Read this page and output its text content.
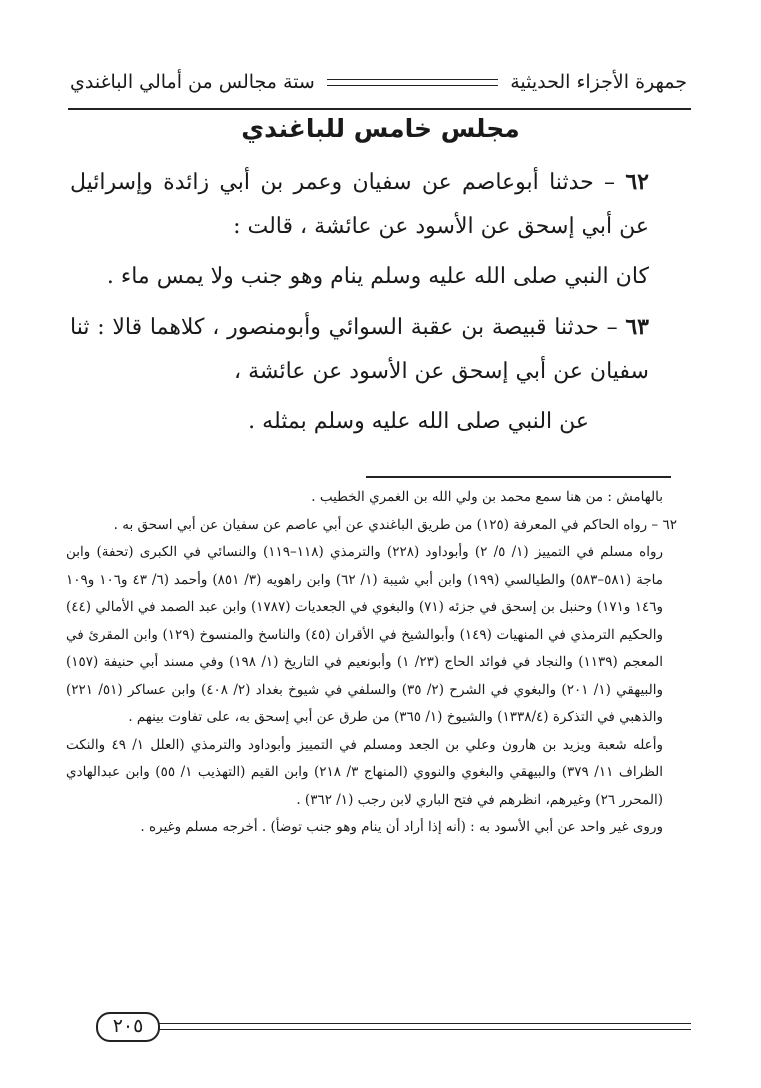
جمهرة الأجزاء الحديثية
ستة مجالس من أمالي الباغندي
مجلس خامس للباغندي

٦٢ – حدثنا أبوعاصم عن سفيان وعمر بن أبي زائدة وإسرائيل عن أبي إسحق عن الأسود عن عائشة ، قالت :

كان النبي صلى الله عليه وسلم ينام وهو جنب ولا يمس ماء .

٦٣ – حدثنا قبيصة بن عقبة السوائي وأبومنصور ، كلاهما قالا : ثنا سفيان عن أبي إسحق عن الأسود عن عائشة ،

عن النبي صلى الله عليه وسلم بمثله .

بالهامش : من هنا سمع محمد بن ولي الله بن الغمري الخطيب .

٦٢ – رواه الحاكم في المعرفة (١٢٥) من طريق الباغندي عن أبي عاصم عن سفيان عن أبي اسحق به .

رواه مسلم في التمييز (١/ ٥/ ٢) وأبوداود (٢٢٨) والترمذي (١١٨–١١٩) والنسائي في الكبرى (تحفة) وابن ماجة (٥٨١–٥٨٣) والطيالسي (١٩٩) وابن أبي شيبة (١/ ٦٢) وابن راهويه (٣/ ٨٥١) وأحمد (٦/ ٤٣ و١٠٦ و١٠٩ و١٤٦ و١٧١) وحنبل بن إسحق في جزئه (٧١) والبغوي في الجعديات (١٧٨٧) وابن عبد الصمد في الأمالي (٤٤) والحكيم الترمذي في المنهيات (١٤٩) وأبوالشيخ في الأقران (٤٥) والناسخ والمنسوخ (١٢٩) وابن المقرئ في المعجم (١١٣٩) والنجاد في فوائد الحاج (٢٣/ ١) وأبونعيم في التاريخ (١/ ١٩٨) وفي مسند أبي حنيفة (١٥٧) والبيهقي (١/ ٢٠١) والبغوي في الشرح (٢/ ٣٥) والسلفي في شيوخ بغداد (٢/ ٤٠٨) وابن عساكر (٥١/ ٢٢١) والذهبي في التذكرة (١٣٣٨/٤) والشيوخ (١/ ٣٦٥) من طرق عن أبي إسحق به، على تفاوت بينهم .

وأعله شعبة ويزيد بن هارون وعلي بن الجعد ومسلم في التمييز وأبوداود والترمذي (العلل ١/ ٤٩ والنكت الظراف ١١/ ٣٧٩) والبيهقي والبغوي والنووي (المنهاج ٣/ ٢١٨) وابن القيم (التهذيب ١/ ٥٥) وابن عبدالهادي (المحرر ٢٦) وغيرهم، انظرهم في فتح الباري لابن رجب (١/ ٣٦٢) .

وروى غير واحد عن أبي الأسود به : (أنه إذا أراد أن ينام وهو جنب توضأ) . أخرجه مسلم وغيره .

٢٠٥
